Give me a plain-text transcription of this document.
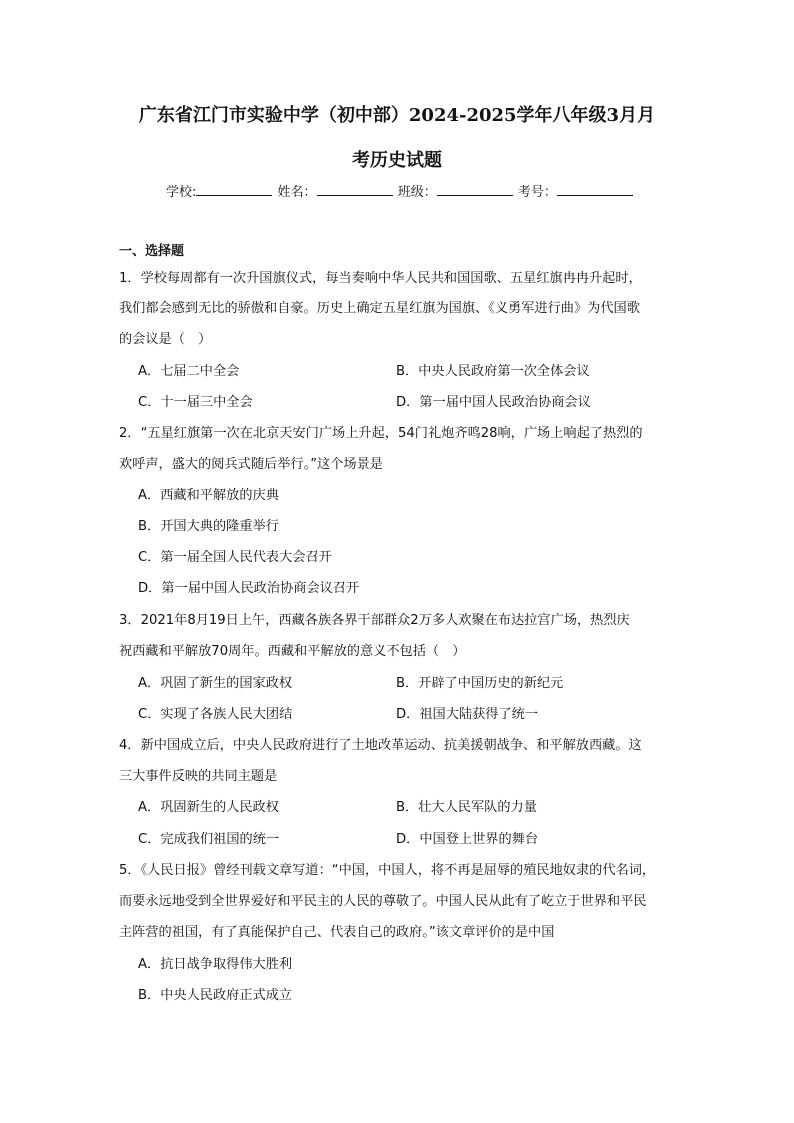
广东省江门市实验中学（初中部）2024-2025学年八年级3月月
考历史试题
学校:	姓名：	班级：	考号：
一、选择题
1．学校每周都有一次升国旗仪式，每当奏响中华人民共和国国歌、五星红旗冉冉升起时，
我们都会感到无比的骄傲和自豪。历史上确定五星红旗为国旗、《义勇军进行曲》为代国歌
的会议是（　）
A．七届二中全会	B．中央人民政府第一次全体会议
C．十一届三中全会	D．第一届中国人民政治协商会议
2．“五星红旗第一次在北京天安门广场上升起，54门礼炮齐鸣28响，广场上响起了热烈的
欢呼声，盛大的阅兵式随后举行。”这个场景是
A．西藏和平解放的庆典
B．开国大典的隆重举行
C．第一届全国人民代表大会召开
D．第一届中国人民政治协商会议召开
3．2021年8月19日上午，西藏各族各界干部群众2万多人欢聚在布达拉宫广场，热烈庆
祝西藏和平解放70周年。西藏和平解放的意义不包括（　）
A．巩固了新生的国家政权	B．开辟了中国历史的新纪元
C．实现了各族人民大团结	D．祖国大陆获得了统一
4．新中国成立后，中央人民政府进行了土地改革运动、抗美援朝战争、和平解放西藏。这
三大事件反映的共同主题是
A．巩固新生的人民政权	B．壮大人民军队的力量
C．完成我们祖国的统一	D．中国登上世界的舞台
5．《人民日报》曾经刊载文章写道：“中国，中国人，将不再是屈辱的殖民地奴隶的代名词，
而要永远地受到全世界爱好和平民主的人民的尊敬了。中国人民从此有了屹立于世界和平民
主阵营的祖国，有了真能保护自己、代表自己的政府。”该文章评价的是中国
A．抗日战争取得伟大胜利
B．中央人民政府正式成立
